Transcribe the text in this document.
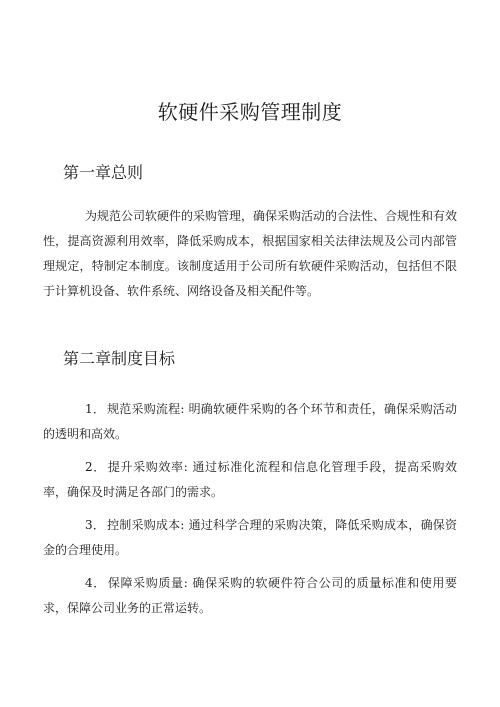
软硬件采购管理制度
第一章总则

为规范公司软硬件的采购管理，确保采购活动的合法性、合规性和有效性，提高资源利用效率，降低采购成本，根据国家相关法律法规及公司内部管理规定，特制定本制度。该制度适用于公司所有软硬件采购活动，包括但不限于计算机设备、软件系统、网络设备及相关配件等。

第二章制度目标
1． 规范采购流程: 明确软硬件采购的各个环节和责任，确保采购活动的透明和高效。
2． 提升采购效率: 通过标准化流程和信息化管理手段，提高采购效率，确保及时满足各部门的需求。
3． 控制采购成本: 通过科学合理的采购决策，降低采购成本，确保资金的合理使用。
4． 保障采购质量: 确保采购的软硬件符合公司的质量标准和使用要求，保障公司业务的正常运转。
